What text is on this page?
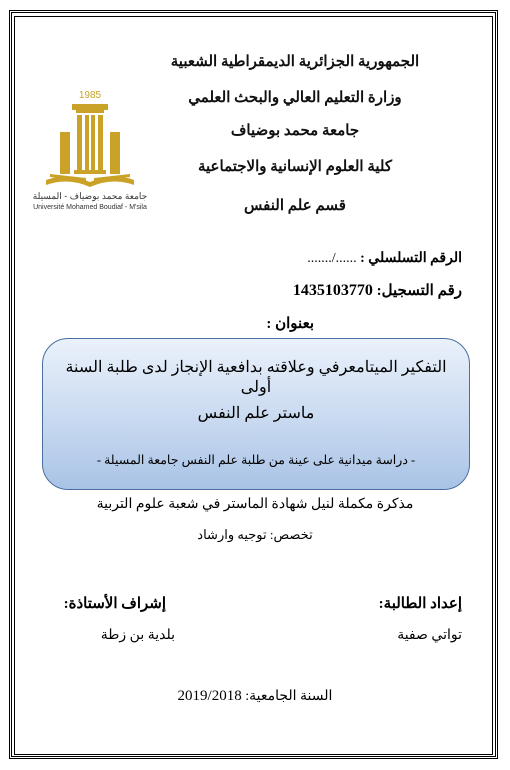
الجمهورية الجزائرية الديمقراطية الشعبية
وزارة التعليم العالي والبحث العلمي
جامعة محمد بوضياف
كلية العلوم الإنسانية والاجتماعية
قسم علم النفس
1985
جامعة محمد بوضياف - المسيلة
Université Mohamed Boudiaf - M'sila
الرقم التسلسلي : ....../.......
رقم التسجيل: 1435103770
بعنوان :
التفكير الميتامعرفي وعلاقته بدافعية الإنجاز لدى طلبة السنة أولى
ماستر علم النفس
- دراسة ميدانية على عينة من طلبة علم النفس جامعة المسيلة -
مذكرة مكملة لنيل شهادة الماستر في شعبة علوم التربية
تخصص: توجيه وارشاد
إعداد الطالبة:
تواتي صفية
إشراف الأستاذة:
بلدية بن زطة
السنة الجامعية: 2019/2018
